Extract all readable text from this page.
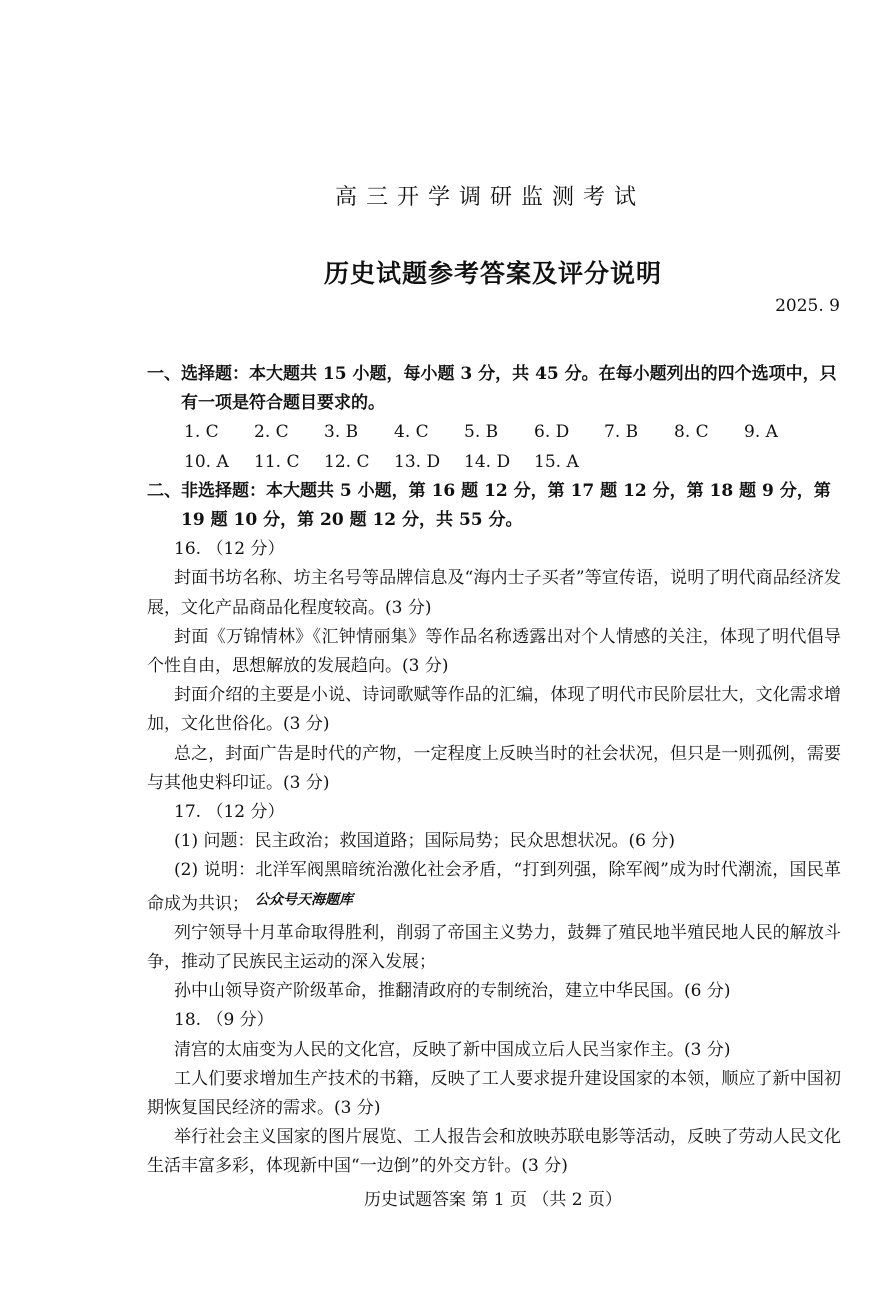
高三开学调研监测考试
历史试题参考答案及评分说明
2025. 9

一、选择题：本大题共 15 小题，每小题 3 分，共 45 分。在每小题列出的四个选项中，只有一项是符合题目要求的。

1. C	2. C	3. B	4. C	5. B	6. D	7. B	8. C	9. A
10. A	11. C	12. C	13. D	14. D	15. A

二、非选择题：本大题共 5 小题，第 16 题 12 分，第 17 题 12 分，第 18 题 9 分，第 19 题 10 分，第 20 题 12 分，共 55 分。

16. （12 分）

封面书坊名称、坊主名号等品牌信息及“海内士子买者”等宣传语，说明了明代商品经济发展，文化产品商品化程度较高。(3 分)

封面《万锦情林》《汇钟情丽集》等作品名称透露出对个人情感的关注，体现了明代倡导个性自由，思想解放的发展趋向。(3 分)

封面介绍的主要是小说、诗词歌赋等作品的汇编，体现了明代市民阶层壮大，文化需求增加，文化世俗化。(3 分)

总之，封面广告是时代的产物，一定程度上反映当时的社会状况，但只是一则孤例，需要与其他史料印证。(3 分)

17. （12 分）

(1) 问题：民主政治；救国道路；国际局势；民众思想状况。(6 分)

(2) 说明：北洋军阀黑暗统治激化社会矛盾，“打到列强，除军阀”成为时代潮流，国民革命成为共识； $^{公众号天海题库}$

列宁领导十月革命取得胜利，削弱了帝国主义势力，鼓舞了殖民地半殖民地人民的解放斗争，推动了民族民主运动的深入发展；

孙中山领导资产阶级革命，推翻清政府的专制统治，建立中华民国。(6 分)

18. （9 分）

清宫的太庙变为人民的文化宫，反映了新中国成立后人民当家作主。(3 分)

工人们要求增加生产技术的书籍，反映了工人要求提升建设国家的本领，顺应了新中国初期恢复国民经济的需求。(3 分)

举行社会主义国家的图片展览、工人报告会和放映苏联电影等活动，反映了劳动人民文化生活丰富多彩，体现新中国“一边倒”的外交方针。(3 分)

历史试题答案 第 1 页 （共 2 页）
